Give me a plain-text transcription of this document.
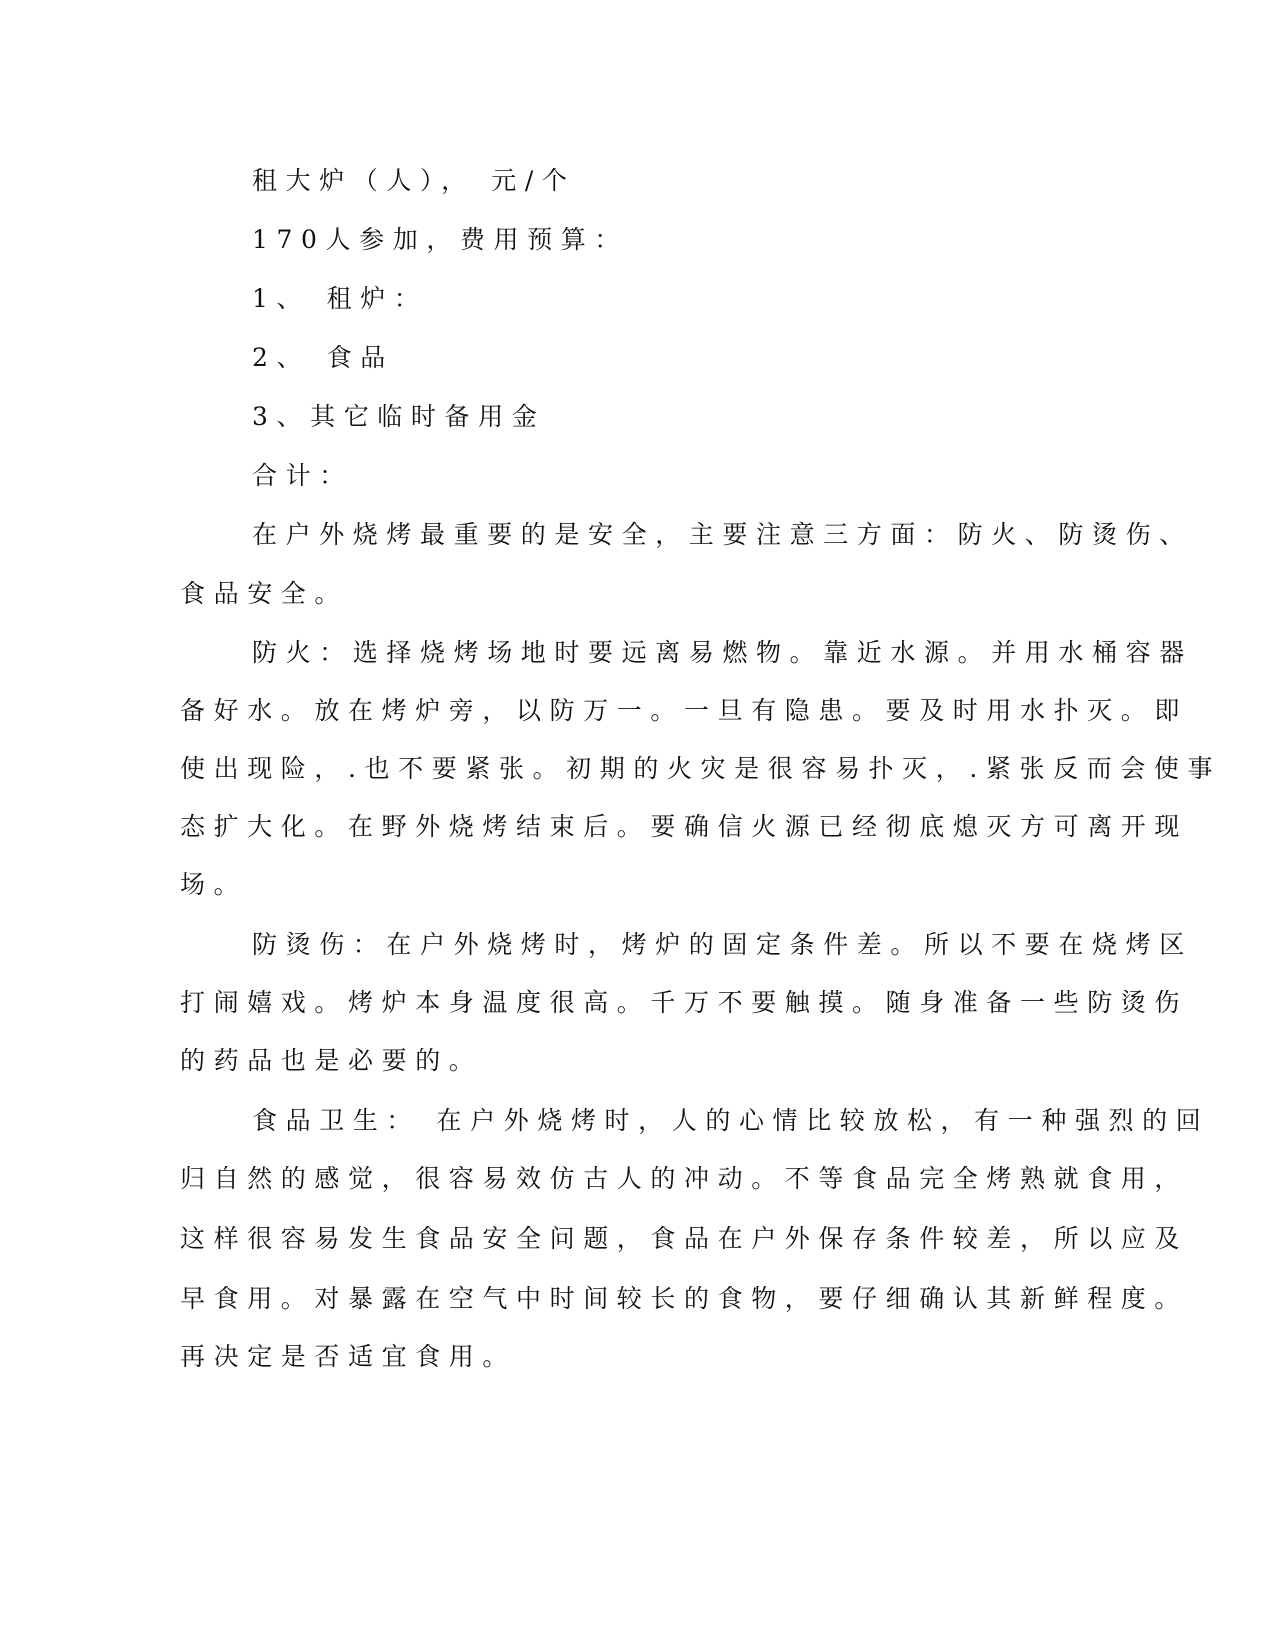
租大炉（人）， 元/个
170人参加，费用预算：
1、 租炉：
2、 食品
3、其它临时备用金
合计：
在户外烧烤最重要的是安全，主要注意三方面：防火、防烫伤、
食品安全。
防火：选择烧烤场地时要远离易燃物。靠近水源。并用水桶容器
备好水。放在烤炉旁，以防万一。一旦有隐患。要及时用水扑灭。即
使出现险，.也不要紧张。初期的火灾是很容易扑灭，.紧张反而会使事
态扩大化。在野外烧烤结束后。要确信火源已经彻底熄灭方可离开现
场。
防烫伤：在户外烧烤时，烤炉的固定条件差。所以不要在烧烤区
打闹嬉戏。烤炉本身温度很高。千万不要触摸。随身准备一些防烫伤
的药品也是必要的。
食品卫生： 在户外烧烤时，人的心情比较放松，有一种强烈的回
归自然的感觉，很容易效仿古人的冲动。不等食品完全烤熟就食用，
这样很容易发生食品安全问题，食品在户外保存条件较差，所以应及
早食用。对暴露在空气中时间较长的食物，要仔细确认其新鲜程度。
再决定是否适宜食用。
